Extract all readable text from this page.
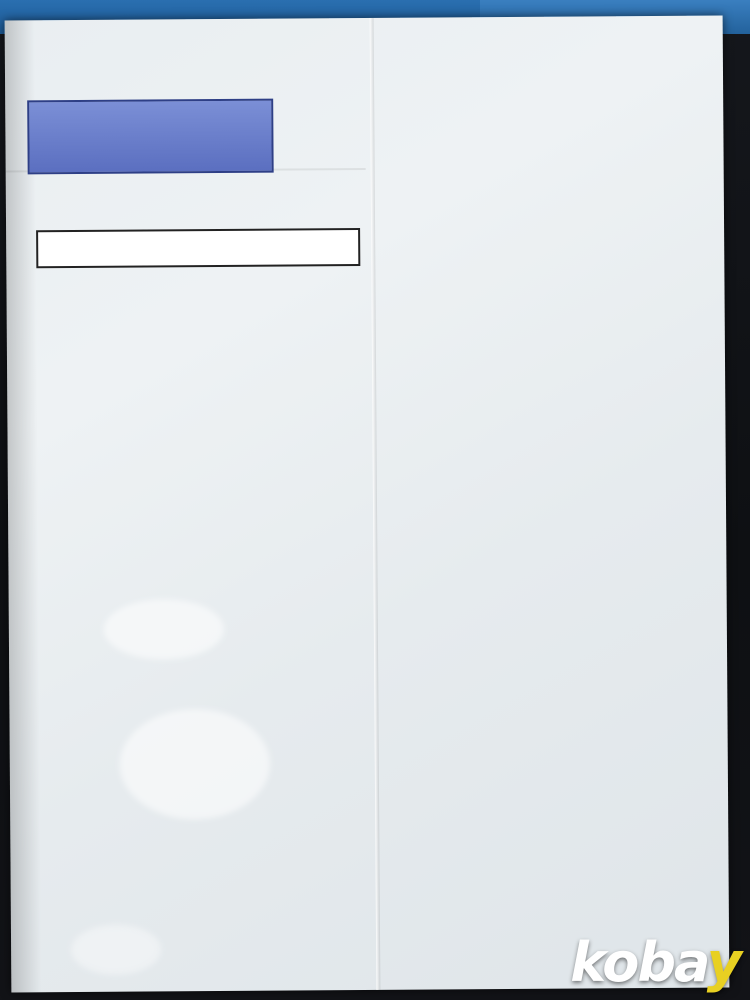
kobay
